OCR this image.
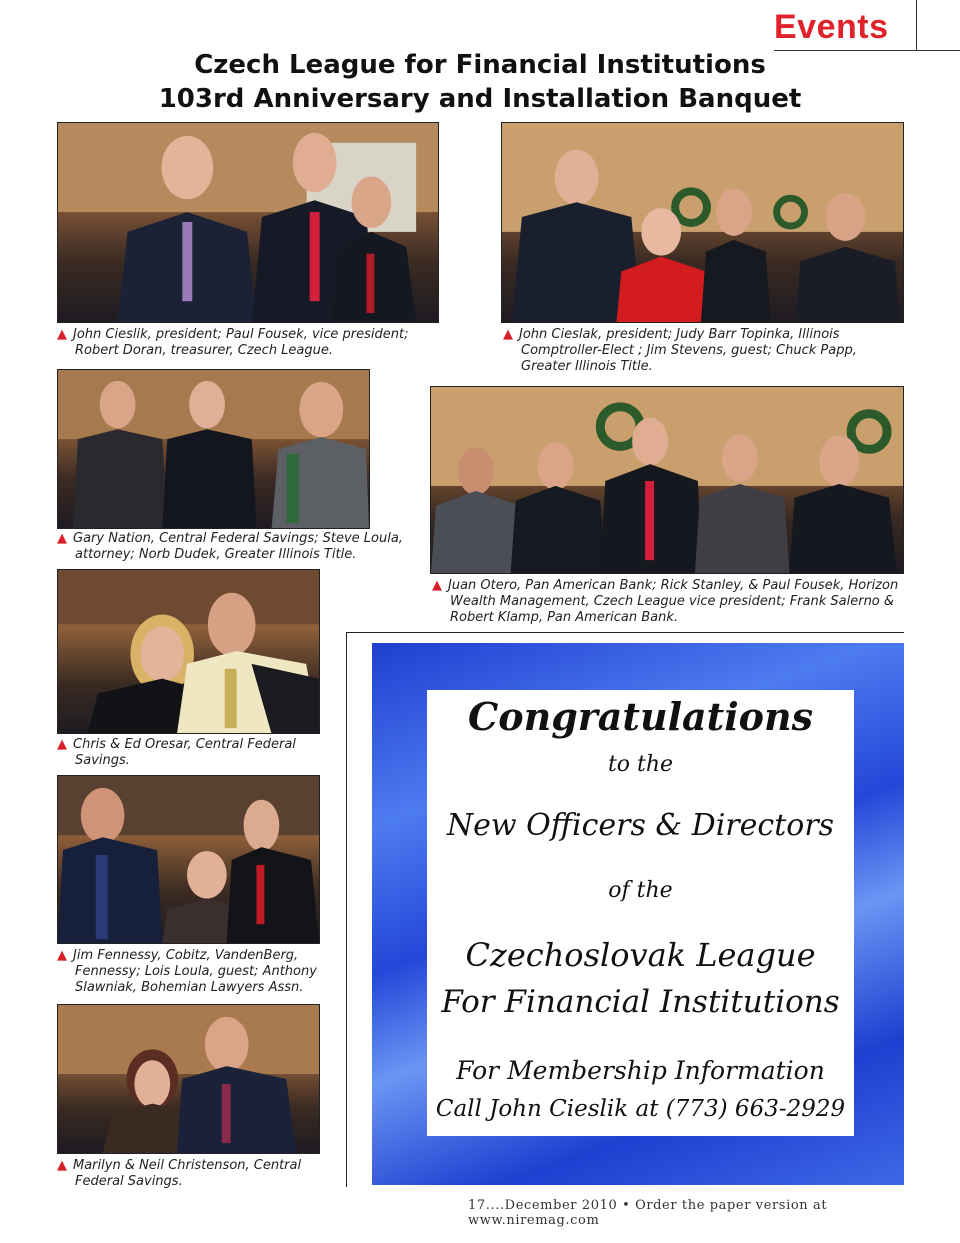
Events
Czech League for Financial Institutions
103rd Anniversary and Installation Banquet
▲ John Cieslik, president; Paul Fousek, vice president; Robert Doran, treasurer, Czech League.
▲ John Cieslak, president; Judy Barr Topinka, Illinois Comptroller-Elect ; Jim Stevens, guest; Chuck Papp, Greater Illinois Title.
▲ Gary Nation, Central Federal Savings; Steve Loula, attorney; Norb Dudek, Greater Illinois Title.
▲ Juan Otero, Pan American Bank; Rick Stanley, & Paul Fousek, Horizon Wealth Management, Czech League vice president; Frank Salerno & Robert Klamp, Pan American Bank.
▲ Chris & Ed Oresar, Central Federal Savings.
▲ Jim Fennessy, Cobitz, VandenBerg, Fennessy; Lois Loula, guest; Anthony Slawniak, Bohemian Lawyers Assn.
▲ Marilyn & Neil Christenson, Central Federal Savings.
Congratulations
to the
New Officers & Directors
of the
Czechoslovak League
For Financial Institutions
For Membership Information
Call John Cieslik at (773) 663-2929
17....December 2010 • Order the paper version at www.niremag.com
